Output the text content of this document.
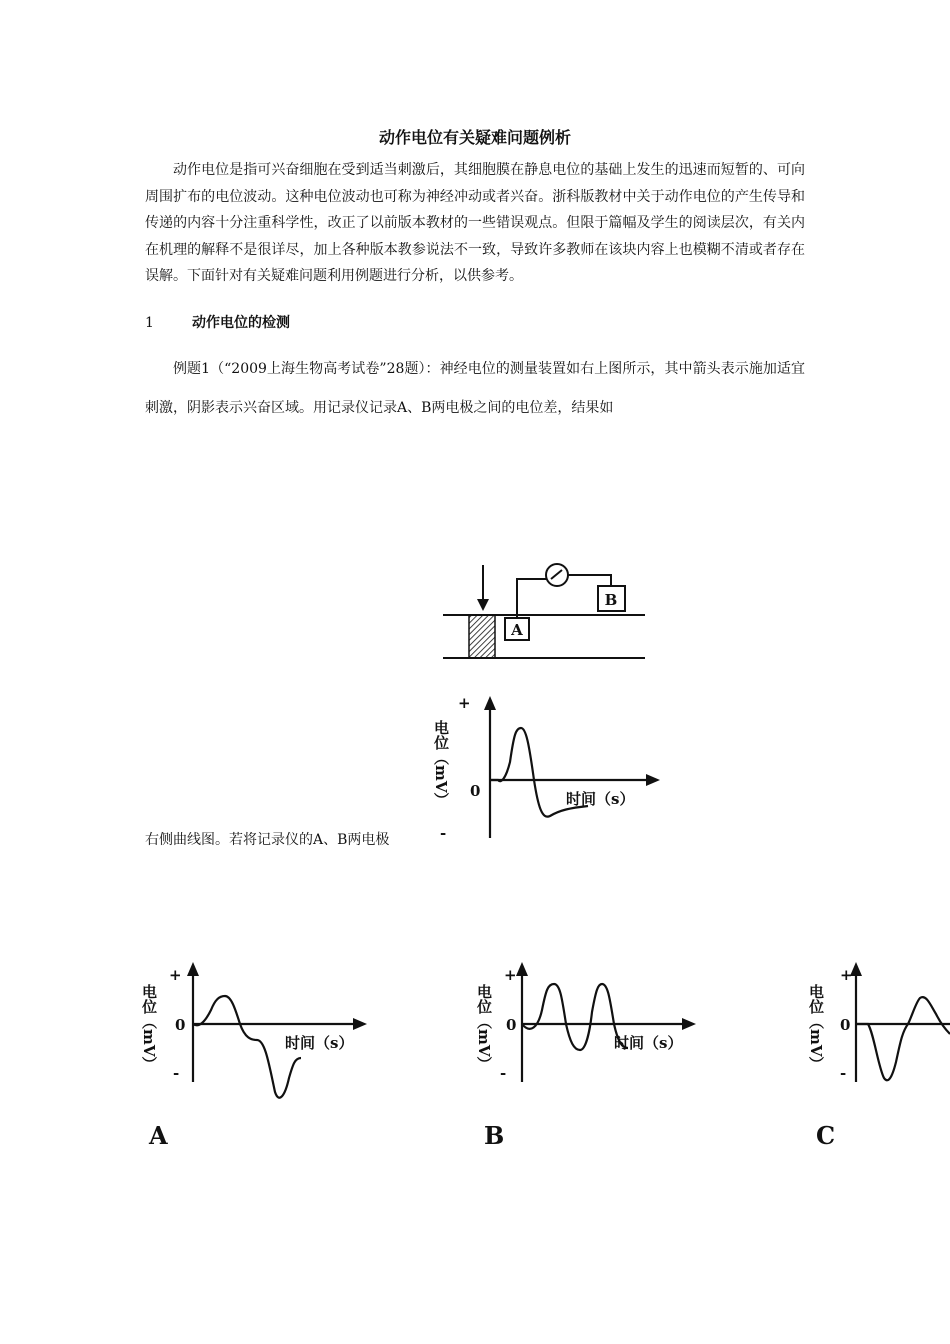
动作电位有关疑难问题例析

动作电位是指可兴奋细胞在受到适当刺激后，其细胞膜在静息电位的基础上发生的迅速而短暂的、可向周围扩布的电位波动。这种电位波动也可称为神经冲动或者兴奋。浙科版教材中关于动作电位的产生传导和传递的内容十分注重科学性，改正了以前版本教材的一些错误观点。但限于篇幅及学生的阅读层次，有关内在机理的解释不是很详尽，加上各种版本教参说法不一致，导致许多教师在该块内容上也模糊不清或者存在误解。下面针对有关疑难问题利用例题进行分析，以供参考。

1	动作电位的检测

例题1（“2009上海生物高考试卷”28题）：神经电位的测量装置如右上图所示，其中箭头表示施加适宜刺激，阴影表示兴奋区域。用记录仪记录A、B两电极之间的电位差，结果如

A
B
+
电位（mV） 0
-
时间（s）

右侧曲线图。若将记录仪的A、B两电极

+
电位（mV） 0
-
时间（s）
A
+
电位（mV） 0
-
时间（s）
B
+
电位（mV） 0
-
C
